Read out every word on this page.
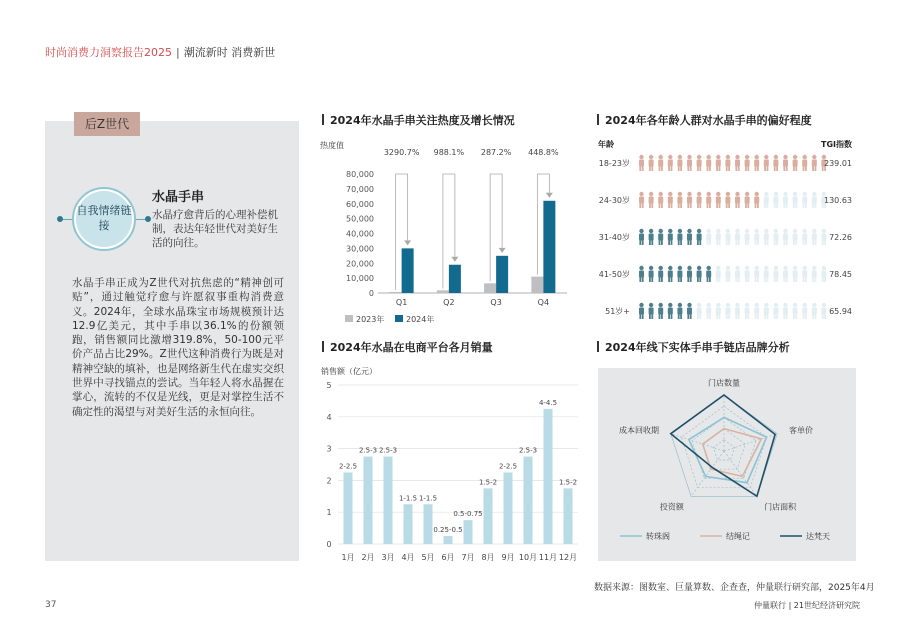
时尚消费力洞察报告2025 | 潮流新时 消费新世
后Z世代
自我情绪链接
水晶手串
水晶疗愈背后的心理补偿机制，表达年轻世代对美好生活的向往。
水晶手串正成为Z世代对抗焦虑的“精神创可贴”，通过触觉疗愈与许愿叙事重构消费意义。2024年，全球水晶珠宝市场规模预计达12.9亿美元，其中手串以36.1%的份额领跑，销售额同比激增319.8%，50-100元平价产品占比29%。Z世代这种消费行为既是对精神空缺的填补，也是网络新生代在虚实交织世界中寻找锚点的尝试。当年轻人将水晶握在掌心，流转的不仅是光线，更是对掌控生活不确定性的渴望与对美好生活的永恒向往。
2024年水晶手串关注热度及增长情况	2024年各年龄人群对水晶手串的偏好程度
2024年水晶在电商平台各月销量	2024年线下实体手串手链店品牌分析
热度值
0
10,000
20,000
30,000
40,000
50,000
60,000
70,000
80,000
3290.7%
Q1
988.1%
Q2
287.2%
Q3
448.8%
Q4
2023年	2024年
年龄	TGI指数
18-23岁	239.01
24-30岁	130.63
31-40岁	72.26
41-50岁	78.45
51岁+	65.94
销售额（亿元）
0
1
2
3
4
5
2-2.5
1月
2.5-3
2月
2.5-3
3月
1-1.5
4月
1-1.5
5月
0.25-0.5
6月
0.5-0.75
7月
1.5-2
8月
2-2.5
9月
2.5-3
10月
4-4.5
11月
1.5-2
12月
门店数量
客单价
门店面积
投资额
成本回收期
转珠阁	结绳记	达梵天
数据来源：图数室、巨量算数、企查查，仲量联行研究部，2025年4月
37	仲量联行 | 21世纪经济研究院
